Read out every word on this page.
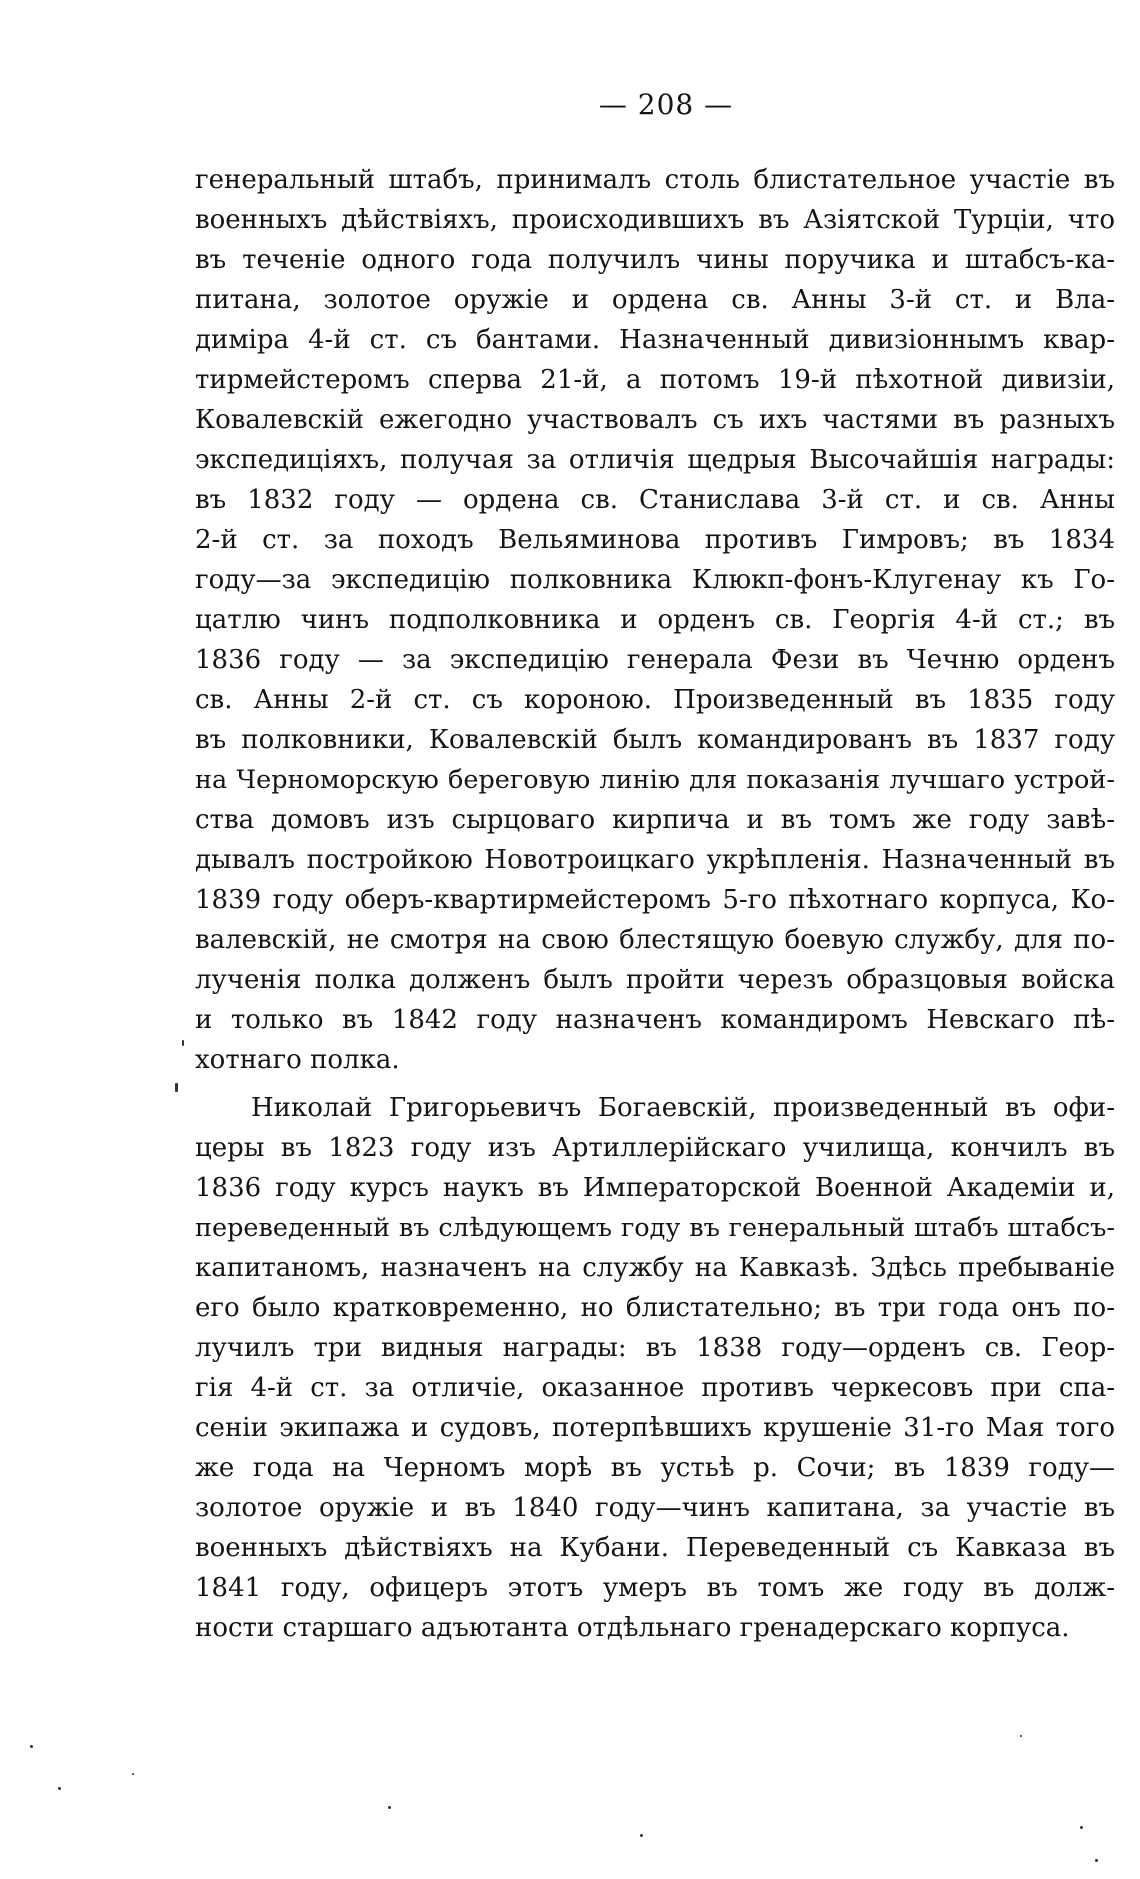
— 208 —
генеральный штабъ, принималъ столь блистательное участіе въ
военныхъ дѣйствіяхъ, происходившихъ въ Азіятской Турціи, что
въ теченіе одного года получилъ чины поручика и штабсъ-ка-
питана, золотое оружіе и ордена св. Анны 3-й ст. и Вла-
диміра 4-й ст. съ бантами. Назначенный дивизіоннымъ квар-
тирмейстеромъ сперва 21-й, а потомъ 19-й пѣхотной дивизіи,
Ковалевскій ежегодно участвовалъ съ ихъ частями въ разныхъ
экспедиціяхъ, получая за отличія щедрыя Высочайшія награды:
въ 1832 году — ордена св. Станислава 3-й ст. и св. Анны
2-й ст. за походъ Вельяминова противъ Гимровъ; въ 1834
году—за экспедицію полковника Клюкп-фонъ-Клугенау къ Го-
цатлю чинъ подполковника и орденъ св. Георгія 4-й ст.; въ
1836 году — за экспедицію генерала Фези въ Чечню орденъ
св. Анны 2-й ст. съ короною. Произведенный въ 1835 году
въ полковники, Ковалевскій былъ командированъ въ 1837 году
на Черноморскую береговую линію для показанія лучшаго устрой-
ства домовъ изъ сырцоваго кирпича и въ томъ же году завѣ-
дывалъ постройкою Новотроицкаго укрѣпленія. Назначенный въ
1839 году оберъ-квартирмейстеромъ 5-го пѣхотнаго корпуса, Ко-
валевскій, не смотря на свою блестящую боевую службу, для по-
лученія полка долженъ былъ пройти черезъ образцовыя войска
и только въ 1842 году назначенъ командиромъ Невскаго пѣ-
хотнаго полка.
Николай Григорьевичъ Богаевскій, произведенный въ офи-
церы въ 1823 году изъ Артиллерійскаго училища, кончилъ въ
1836 году курсъ наукъ въ Императорской Военной Академіи и,
переведенный въ слѣдующемъ году въ генеральный штабъ штабсъ-
капитаномъ, назначенъ на службу на Кавказѣ. Здѣсь пребываніе
его было кратковременно, но блистательно; въ три года онъ по-
лучилъ три видныя награды: въ 1838 году—орденъ св. Геор-
гія 4-й ст. за отличіе, оказанное противъ черкесовъ при спа-
сеніи экипажа и судовъ, потерпѣвшихъ крушеніе 31-го Мая того
же года на Черномъ морѣ въ устьѣ р. Сочи; въ 1839 году—
золотое оружіе и въ 1840 году—чинъ капитана, за участіе въ
военныхъ дѣйствіяхъ на Кубани. Переведенный съ Кавказа въ
1841 году, офицеръ этотъ умеръ въ томъ же году въ долж-
ности старшаго адъютанта отдѣльнаго гренадерскаго корпуса.
